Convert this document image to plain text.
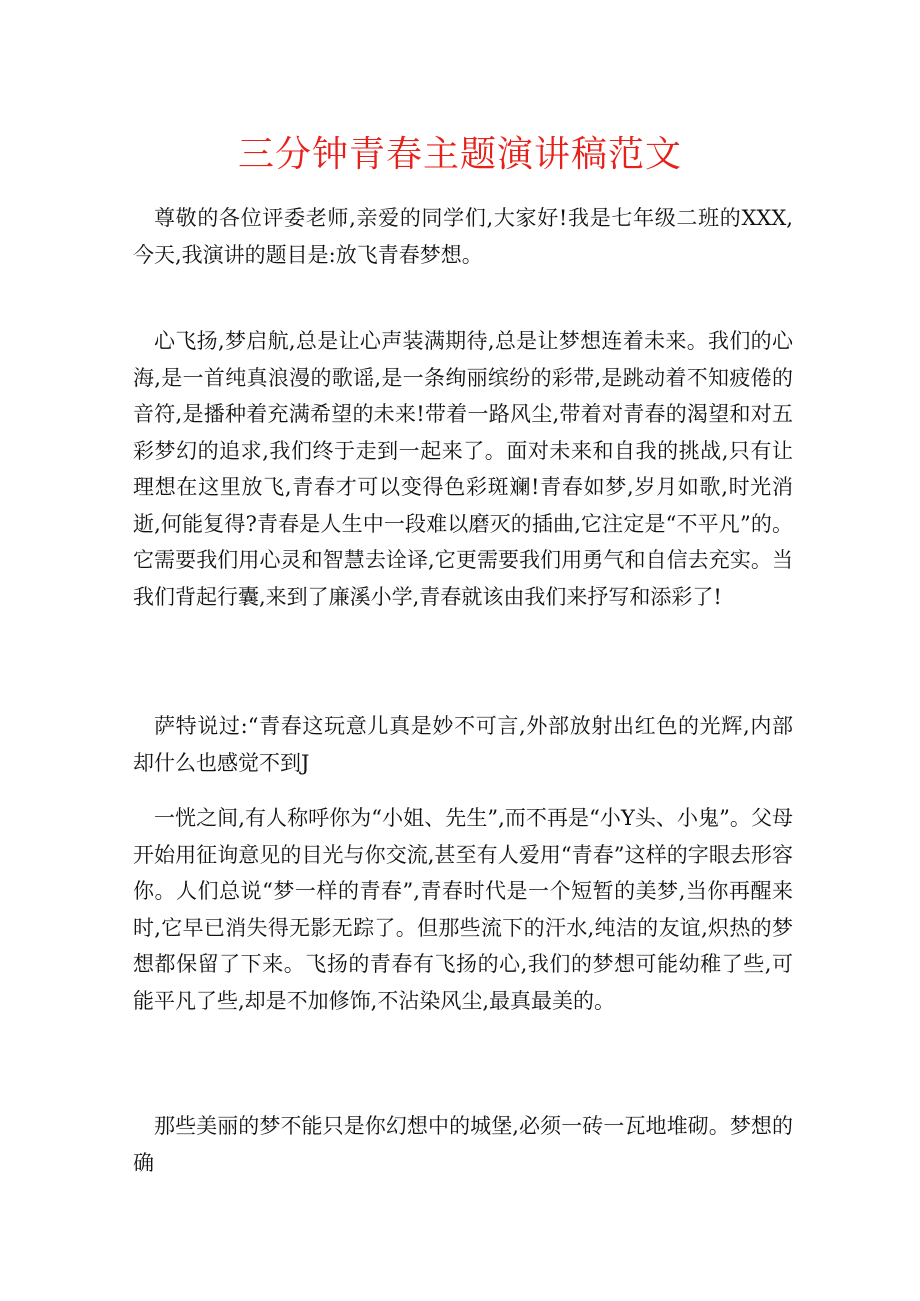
三分钟青春主题演讲稿范文

尊敬的各位评委老师,亲爱的同学们,大家好!我是七年级二班的XXX,今天,我演讲的题目是:放飞青春梦想。

心飞扬,梦启航,总是让心声装满期待,总是让梦想连着未来。我们的心海,是一首纯真浪漫的歌谣,是一条绚丽缤纷的彩带,是跳动着不知疲倦的音符,是播种着充满希望的未来!带着一路风尘,带着对青春的渴望和对五彩梦幻的追求,我们终于走到一起来了。面对未来和自我的挑战,只有让理想在这里放飞,青春才可以变得色彩斑斓!青春如梦,岁月如歌,时光消逝,何能复得?青春是人生中一段难以磨灭的插曲,它注定是“不平凡”的。它需要我们用心灵和智慧去诠译,它更需要我们用勇气和自信去充实。当我们背起行囊,来到了廉溪小学,青春就该由我们来抒写和添彩了!

萨特说过:“青春这玩意儿真是妙不可言,外部放射出红色的光辉,内部却什么也感觉不到J

一恍之间,有人称呼你为“小姐、先生”,而不再是“小Y头、小鬼”。父母开始用征询意见的目光与你交流,甚至有人爱用“青春”这样的字眼去形容你。人们总说“梦一样的青春”,青春时代是一个短暂的美梦,当你再醒来时,它早已消失得无影无踪了。但那些流下的汗水,纯洁的友谊,炽热的梦想都保留了下来。飞扬的青春有飞扬的心,我们的梦想可能幼稚了些,可能平凡了些,却是不加修饰,不沾染风尘,最真最美的。

那些美丽的梦不能只是你幻想中的城堡,必须一砖一瓦地堆砌。梦想的确
